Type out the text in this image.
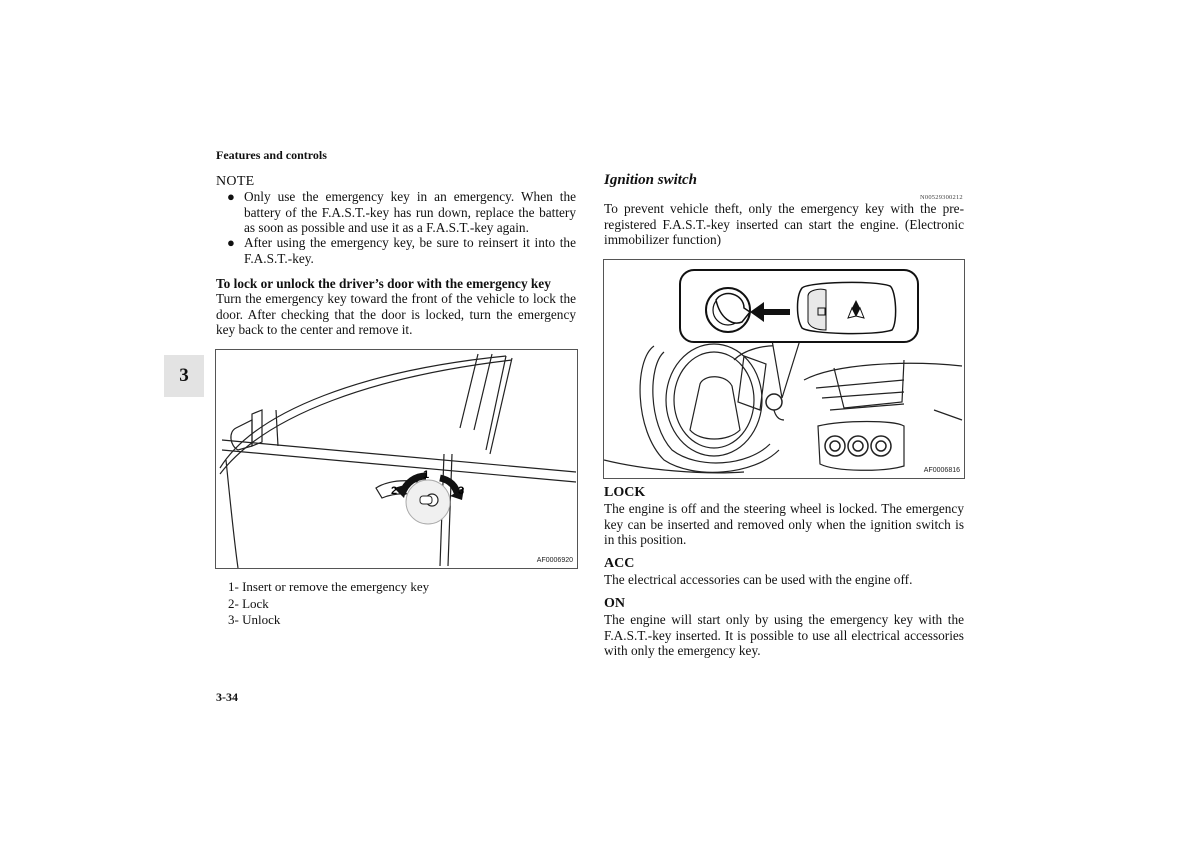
Features and controls
3
NOTE
● Only use the emergency key in an emergency. When the battery of the F.A.S.T.-key has run down, replace the battery as soon as possible and use it as a F.A.S.T.-key again.
● After using the emergency key, be sure to reinsert it into the F.A.S.T.-key.
To lock or unlock the driver’s door with the emergency key
Turn the emergency key toward the front of the vehicle to lock the door. After checking that the door is locked, turn the emergency key back to the center and remove it.
1
2	3
AF0006920
1- Insert or remove the emergency key
2- Lock
3- Unlock
3-34
Ignition switch
N00529300212
To prevent vehicle theft, only the emergency key with the pre-registered F.A.S.T.-key inserted can start the engine. (Electronic immobilizer function)
AF0006816
LOCK
The engine is off and the steering wheel is locked. The emergency key can be inserted and removed only when the ignition switch is in this position.
ACC
The electrical accessories can be used with the engine off.
ON
The engine will start only by using the emergency key with the F.A.S.T.-key inserted. It is possible to use all electrical accessories with only the emergency key.
